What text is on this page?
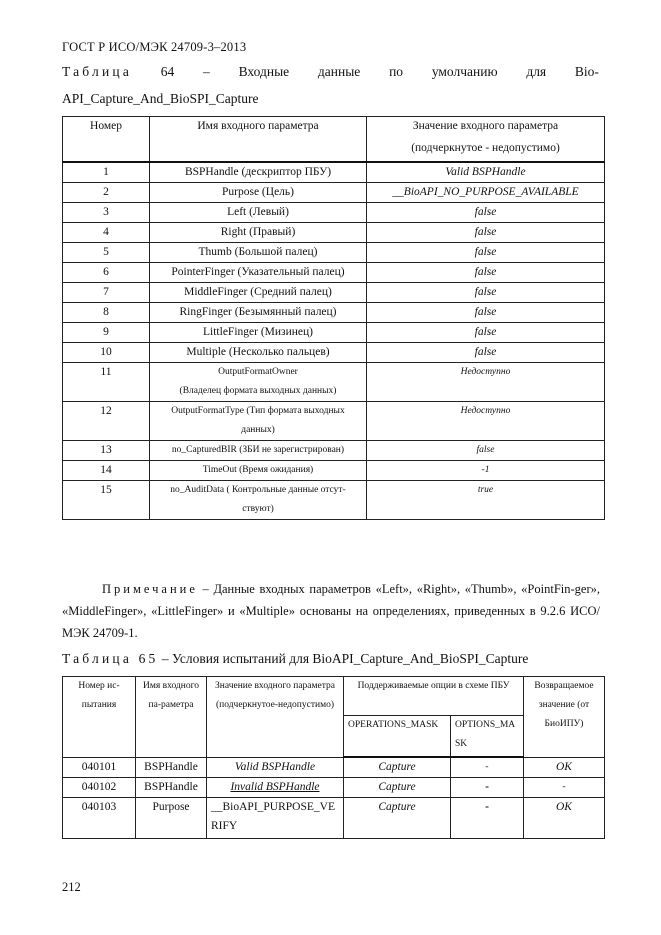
ГОСТ Р ИСО/МЭК 24709-3–2013
Таблица 64 – Входные данные по умолчанию для Bio-
API_Capture_And_BioSPI_Capture
Номер	Имя входного параметра	Значение входного параметра
(подчеркнутое - недопустимо)

1	BSPHandle (дескриптор ПБУ)	Valid BSPHandle
2	Purpose (Цель)	__BioAPI_NO_PURPOSE_AVAILABLE
3	Left (Левый)	false
4	Right (Правый)	false
5	Thumb (Большой палец)	false
6	PointerFinger (Указательный палец)	false
7	MiddleFinger (Средний палец)	false
8	RingFinger (Безымянный палец)	false
9	LittleFinger (Мизинец)	false
10	Multiple (Несколько пальцев)	false
11	OutputFormatOwner
(Владелец формата выходных данных)	Недоступно
12	OutputFormatType (Тип формата выходных
данных)	Недоступно
13	no_CapturedBIR (ЗБИ не зарегистрирован)	false
14	TimeOut (Время ожидания)	-1
15	no_AuditData ( Контрольные данные отсут-
ствуют)	true
Примечание – Данные входных параметров «Left», «Right», «Thumb», «PointFin-ger», «MiddleFinger», «LittleFinger» и «Multiple» основаны на определениях, приведенных в 9.2.6 ИСО/МЭК 24709-1.
Таблица 65 – Условия испытаний для BioAPI_Capture_And_BioSPI_Capture
Номер ис-пытания	Имя входного па-раметра	Значение входного параметра (подчеркнутое-недопустимо)	Поддерживаемые опции в схеме ПБУ		Возвращаемое значение (от БиоИПУ)
			OPERATIONS_MASK	OPTIONS_MASK	
040101	BSPHandle	Valid BSPHandle	Capture	-	OK
040102	BSPHandle	Invalid BSPHandle	Capture	-	-
040103	Purpose	__BioAPI_PURPOSE_VERIFY	Capture	-	OK
212
